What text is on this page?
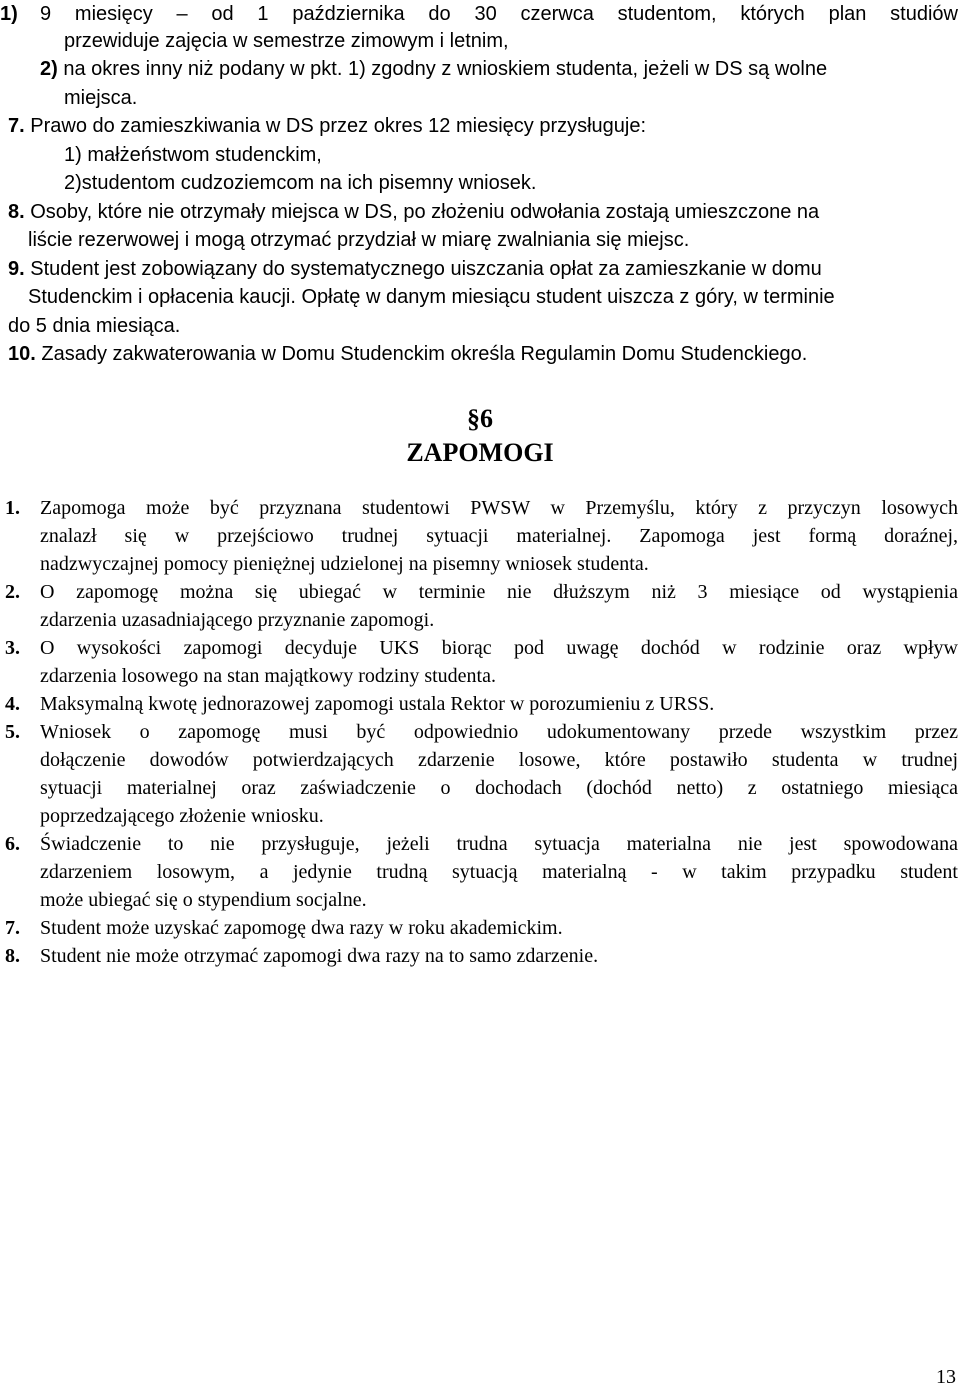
1) 9 miesięcy – od 1 października do 30 czerwca studentom, których plan studiów
przewiduje zajęcia w semestrze zimowym i letnim,
2) na okres inny niż podany w pkt. 1) zgodny z wnioskiem studenta, jeżeli w DS są wolne
miejsca.
7. Prawo do zamieszkiwania w DS przez okres 12 miesięcy przysługuje:
1) małżeństwom studenckim,
2)studentom cudzoziemcom na ich pisemny wniosek.
8. Osoby, które nie otrzymały miejsca w DS, po złożeniu odwołania zostają umieszczone na
liście rezerwowej i mogą otrzymać przydział w miarę zwalniania się miejsc.
9. Student jest zobowiązany do systematycznego uiszczania opłat za zamieszkanie w domu
Studenckim i opłacenia kaucji. Opłatę w danym miesiącu student uiszcza z góry, w terminie
do 5 dnia miesiąca.
10. Zasady zakwaterowania w Domu Studenckim określa Regulamin Domu Studenckiego.
§6
ZAPOMOGI
1. Zapomoga może być przyznana studentowi PWSW w Przemyślu, który z przyczyn losowych
znalazł się w przejściowo trudnej sytuacji materialnej. Zapomoga jest formą doraźnej,
nadzwyczajnej pomocy pieniężnej udzielonej na pisemny wniosek studenta.
2. O zapomogę można się ubiegać w terminie nie dłuższym niż 3 miesiące od wystąpienia
zdarzenia uzasadniającego przyznanie zapomogi.
3. O wysokości zapomogi decyduje UKS biorąc pod uwagę dochód w rodzinie oraz wpływ
zdarzenia losowego na stan majątkowy rodziny studenta.
4. Maksymalną kwotę jednorazowej zapomogi ustala Rektor w porozumieniu z URSS.
5. Wniosek o zapomogę musi być odpowiednio udokumentowany przede wszystkim przez
dołączenie dowodów potwierdzających zdarzenie losowe, które postawiło studenta w trudnej
sytuacji materialnej oraz zaświadczenie o dochodach (dochód netto) z ostatniego miesiąca
poprzedzającego złożenie wniosku.
6. Świadczenie to nie przysługuje, jeżeli trudna sytuacja materialna nie jest spowodowana
zdarzeniem losowym, a jedynie trudną sytuacją materialną - w takim przypadku student
może ubiegać się o stypendium socjalne.
7. Student może uzyskać zapomogę dwa razy w roku akademickim.
8. Student nie może otrzymać zapomogi dwa razy na to samo zdarzenie.
13
